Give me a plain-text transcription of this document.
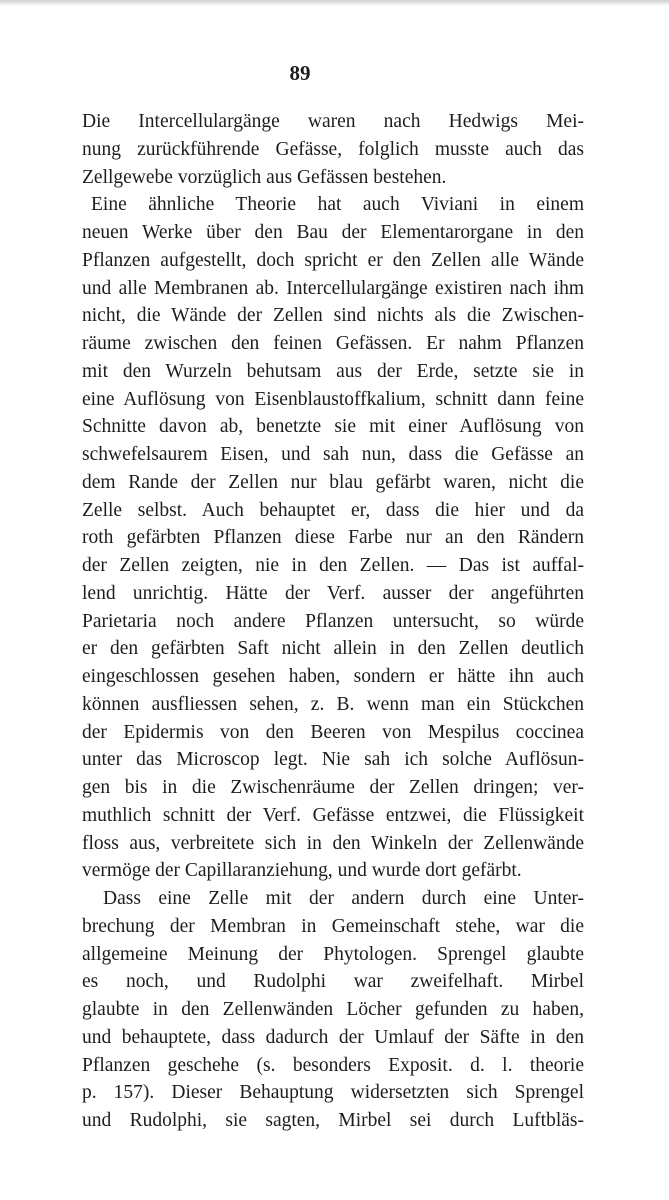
89
Die Intercellulargänge waren nach Hedwigs Mei-
nung zurückführende Gefässe, folglich musste auch das
Zellgewebe vorzüglich aus Gefässen bestehen.
Eine ähnliche Theorie hat auch Viviani in einem
neuen Werke über den Bau der Elementarorgane in den
Pflanzen aufgestellt, doch spricht er den Zellen alle Wände
und alle Membranen ab. Intercellulargänge existiren nach ihm
nicht, die Wände der Zellen sind nichts als die Zwischen-
räume zwischen den feinen Gefässen. Er nahm Pflanzen
mit den Wurzeln behutsam aus der Erde, setzte sie in
eine Auflösung von Eisenblaustoffkalium, schnitt dann feine
Schnitte davon ab, benetzte sie mit einer Auflösung von
schwefelsaurem Eisen, und sah nun, dass die Gefässe an
dem Rande der Zellen nur blau gefärbt waren, nicht die
Zelle selbst. Auch behauptet er, dass die hier und da
roth gefärbten Pflanzen diese Farbe nur an den Rändern
der Zellen zeigten, nie in den Zellen. — Das ist auffal-
lend unrichtig. Hätte der Verf. ausser der angeführten
Parietaria noch andere Pflanzen untersucht, so würde
er den gefärbten Saft nicht allein in den Zellen deutlich
eingeschlossen gesehen haben, sondern er hätte ihn auch
können ausfliessen sehen, z. B. wenn man ein Stückchen
der Epidermis von den Beeren von Mespilus coccinea
unter das Microscop legt. Nie sah ich solche Auflösun-
gen bis in die Zwischenräume der Zellen dringen; ver-
muthlich schnitt der Verf. Gefässe entzwei, die Flüssigkeit
floss aus, verbreitete sich in den Winkeln der Zellenwände
vermöge der Capillaranziehung, und wurde dort gefärbt.
Dass eine Zelle mit der andern durch eine Unter-
brechung der Membran in Gemeinschaft stehe, war die
allgemeine Meinung der Phytologen. Sprengel glaubte
es noch, und Rudolphi war zweifelhaft. Mirbel
glaubte in den Zellenwänden Löcher gefunden zu haben,
und behauptete, dass dadurch der Umlauf der Säfte in den
Pflanzen geschehe (s. besonders Exposit. d. l. theorie
p. 157). Dieser Behauptung widersetzten sich Sprengel
und Rudolphi, sie sagten, Mirbel sei durch Luftbläs-
